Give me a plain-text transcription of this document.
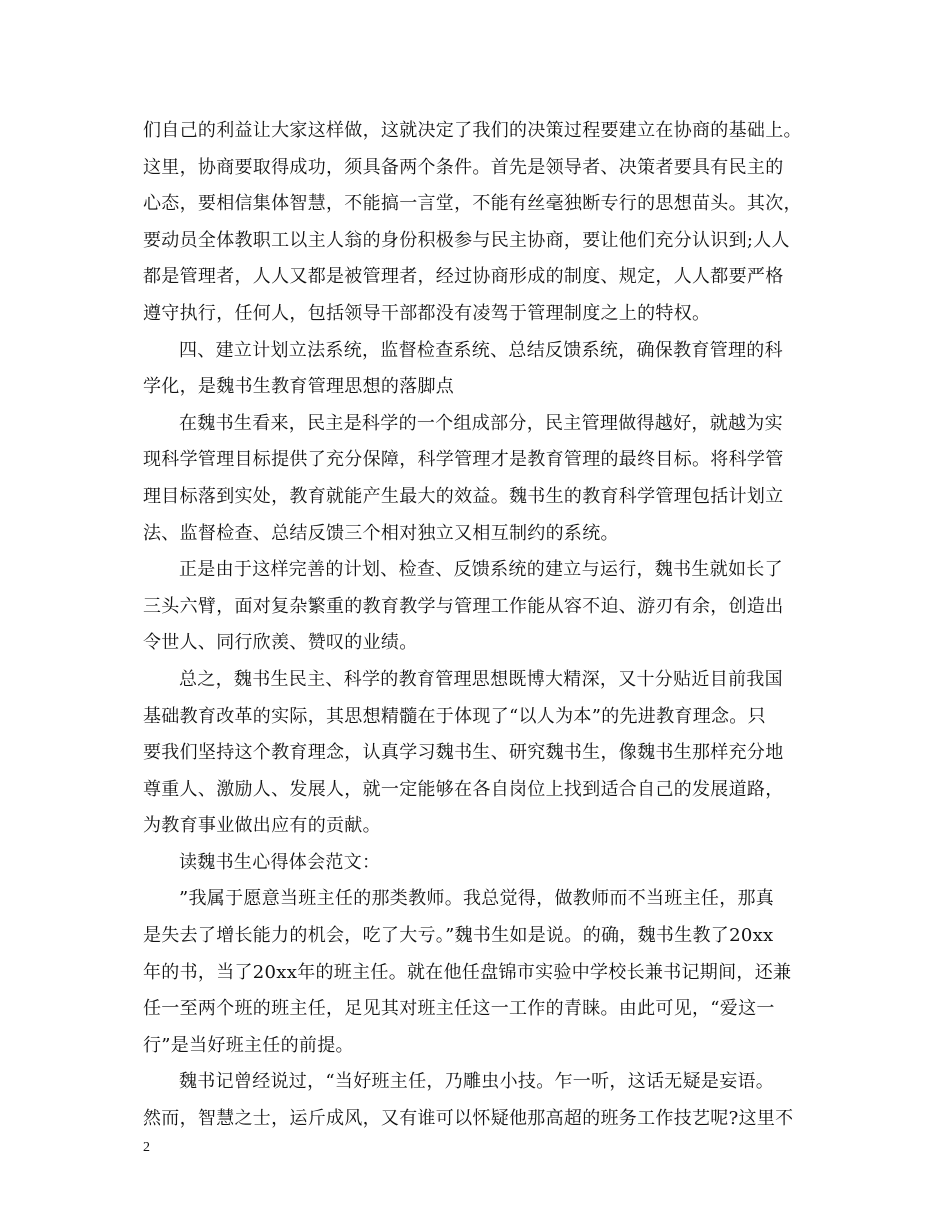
们自己的利益让大家这样做，这就决定了我们的决策过程要建立在协商的基础上。
这里，协商要取得成功，须具备两个条件。首先是领导者、决策者要具有民主的
心态，要相信集体智慧，不能搞一言堂，不能有丝毫独断专行的思想苗头。其次，
要动员全体教职工以主人翁的身份积极参与民主协商，要让他们充分认识到;人人
都是管理者，人人又都是被管理者，经过协商形成的制度、规定，人人都要严格
遵守执行，任何人，包括领导干部都没有凌驾于管理制度之上的特权。
四、建立计划立法系统，监督检查系统、总结反馈系统，确保教育管理的科
学化，是魏书生教育管理思想的落脚点
在魏书生看来，民主是科学的一个组成部分，民主管理做得越好，就越为实
现科学管理目标提供了充分保障，科学管理才是教育管理的最终目标。将科学管
理目标落到实处，教育就能产生最大的效益。魏书生的教育科学管理包括计划立
法、监督检查、总结反馈三个相对独立又相互制约的系统。
正是由于这样完善的计划、检查、反馈系统的建立与运行，魏书生就如长了
三头六臂，面对复杂繁重的教育教学与管理工作能从容不迫、游刃有余，创造出
令世人、同行欣羡、赞叹的业绩。
总之，魏书生民主、科学的教育管理思想既博大精深，又十分贴近目前我国
基础教育改革的实际，其思想精髓在于体现了“以人为本”的先进教育理念。只
要我们坚持这个教育理念，认真学习魏书生、研究魏书生，像魏书生那样充分地
尊重人、激励人、发展人，就一定能够在各自岗位上找到适合自己的发展道路，
为教育事业做出应有的贡献。
读魏书生心得体会范文：
”我属于愿意当班主任的那类教师。我总觉得，做教师而不当班主任，那真
是失去了增长能力的机会，吃了大亏。”魏书生如是说。的确，魏书生教了20xx
年的书，当了20xx年的班主任。就在他任盘锦市实验中学校长兼书记期间，还兼
任一至两个班的班主任，足见其对班主任这一工作的青睐。由此可见，“爱这一
行”是当好班主任的前提。
魏书记曾经说过，“当好班主任，乃雕虫小技。乍一听，这话无疑是妄语。
然而，智慧之士，运斤成风，又有谁可以怀疑他那高超的班务工作技艺呢?这里不
2
